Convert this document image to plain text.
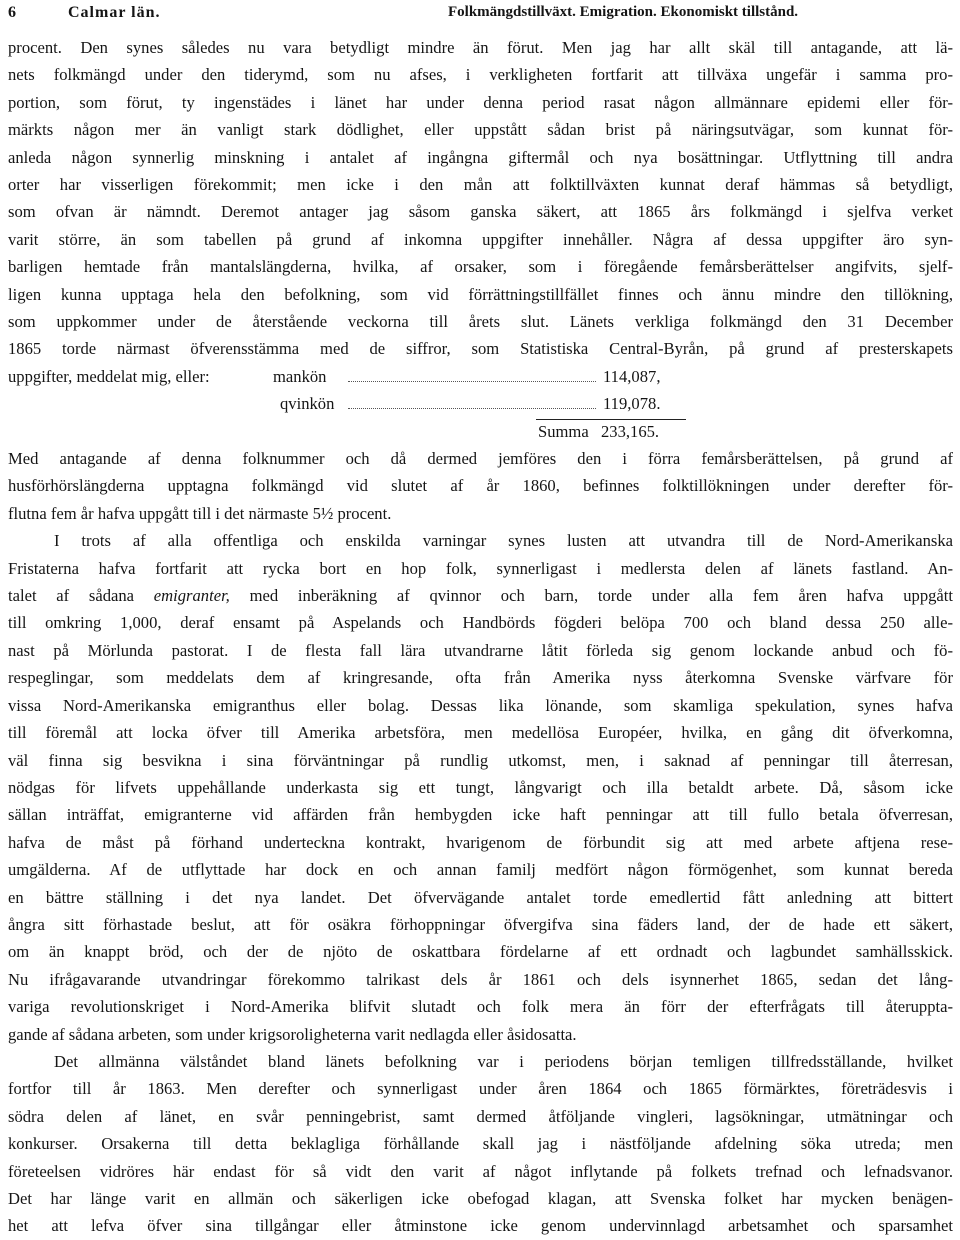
6	Calmar län.	Folkmängdstillväxt. Emigration. Ekonomiskt tillstånd.

procent. Den synes således nu vara betydligt mindre än förut. Men jag har allt skäl till antagande, att lä-
nets folkmängd under den tiderymd, som nu afses, i verkligheten fortfarit att tillväxa ungefär i samma pro-
portion, som förut, ty ingenstädes i länet har under denna period rasat någon allmännare epidemi eller för-
märkts någon mer än vanligt stark dödlighet, eller uppstått sådan brist på näringsutvägar, som kunnat för-
anleda någon synnerlig minskning i antalet af ingångna giftermål och nya bosättningar. Utflyttning till andra
orter har visserligen förekommit; men icke i den mån att folktillväxten kunnat deraf hämmas så betydligt,
som ofvan är nämndt. Deremot antager jag såsom ganska säkert, att 1865 års folkmängd i sjelfva verket
varit större, än som tabellen på grund af inkomna uppgifter innehåller. Några af dessa uppgifter äro syn-
barligen hemtade från mantalslängderna, hvilka, af orsaker, som i föregående femårsberättelser angifvits, sjelf-
ligen kunna upptaga hela den befolkning, som vid förrättningstillfället finnes och ännu mindre den tillökning,
som uppkommer under de återstående veckorna till årets slut. Länets verkliga folkmängd den 31 December
1865 torde närmast öfverensstämma med de siffror, som Statistiska Central-Byrån, på grund af presterskapets

uppgifter, meddelat mig, eller:	mankön	114,087,
qvinkön	119,078.
Summa 233,165.

Med antagande af denna folknummer och då dermed jemföres den i förra femårsberättelsen, på grund af
husförhörslängderna upptagna folkmängd vid slutet af år 1860, befinnes folktillökningen under derefter för-
flutna fem år hafva uppgått till i det närmaste 5½ procent.

I trots af alla offentliga och enskilda varningar synes lusten att utvandra till de Nord-Amerikanska
Fristaterna hafva fortfarit att rycka bort en hop folk, synnerligast i medlersta delen af länets fastland. An-
talet af sådana emigranter, med inberäkning af qvinnor och barn, torde under alla fem åren hafva uppgått
till omkring 1,000, deraf ensamt på Aspelands och Handbörds fögderi belöpa 700 och bland dessa 250 alle-
nast på Mörlunda pastorat. I de flesta fall lära utvandrarne låtit förleda sig genom lockande anbud och fö-
respeglingar, som meddelats dem af kringresande, ofta från Amerika nyss återkomna Svenske värfvare för
vissa Nord-Amerikanska emigranthus eller bolag. Dessas lika lönande, som skamliga spekulation, synes hafva
till föremål att locka öfver till Amerika arbetsföra, men medellösa Européer, hvilka, en gång dit öfverkomna,
väl finna sig besvikna i sina förväntningar på rundlig utkomst, men, i saknad af penningar till återresan,
nödgas för lifvets uppehållande underkasta sig ett tungt, långvarigt och illa betaldt arbete. Då, såsom icke
sällan inträffat, emigranterne vid affärden från hembygden icke haft penningar att till fullo betala öfverresan,
hafva de måst på förhand underteckna kontrakt, hvarigenom de förbundit sig att med arbete aftjena rese-
umgälderna. Af de utflyttade har dock en och annan familj medfört någon förmögenhet, som kunnat bereda
en bättre ställning i det nya landet. Det öfvervägande antalet torde emedlertid fått anledning att bittert
ångra sitt förhastade beslut, att för osäkra förhoppningar öfvergifva sina fäders land, der de hade ett säkert,
om än knappt bröd, och der de njöto de oskattbara fördelarne af ett ordnadt och lagbundet samhällsskick.
Nu ifrågavarande utvandringar förekommo talrikast dels år 1861 och dels isynnerhet 1865, sedan det lång-
variga revolutionskriget i Nord-Amerika blifvit slutadt och folk mera än förr der efterfrågats till återuppta-
gande af sådana arbeten, som under krigsoroligheterna varit nedlagda eller åsidosatta.

Det allmänna välståndet bland länets befolkning var i periodens början temligen tillfredsställande, hvilket
fortfor till år 1863. Men derefter och synnerligast under åren 1864 och 1865 förmärktes, företrädesvis i
södra delen af länet, en svår penningebrist, samt dermed åtföljande vingleri, lagsökningar, utmätningar och
konkurser. Orsakerna till detta beklagliga förhållande skall jag i nästföljande afdelning söka utreda; men
företeelsen vidröres här endast för så vidt den varit af något inflytande på folkets trefnad och lefnadsvanor.
Det har länge varit en allmän och säkerligen icke obefogad klagan, att Svenska folket har mycken benägen-
het att lefva öfver sina tillgångar eller åtminstone icke genom undervinnlagd arbetsamhet och sparsamhet
